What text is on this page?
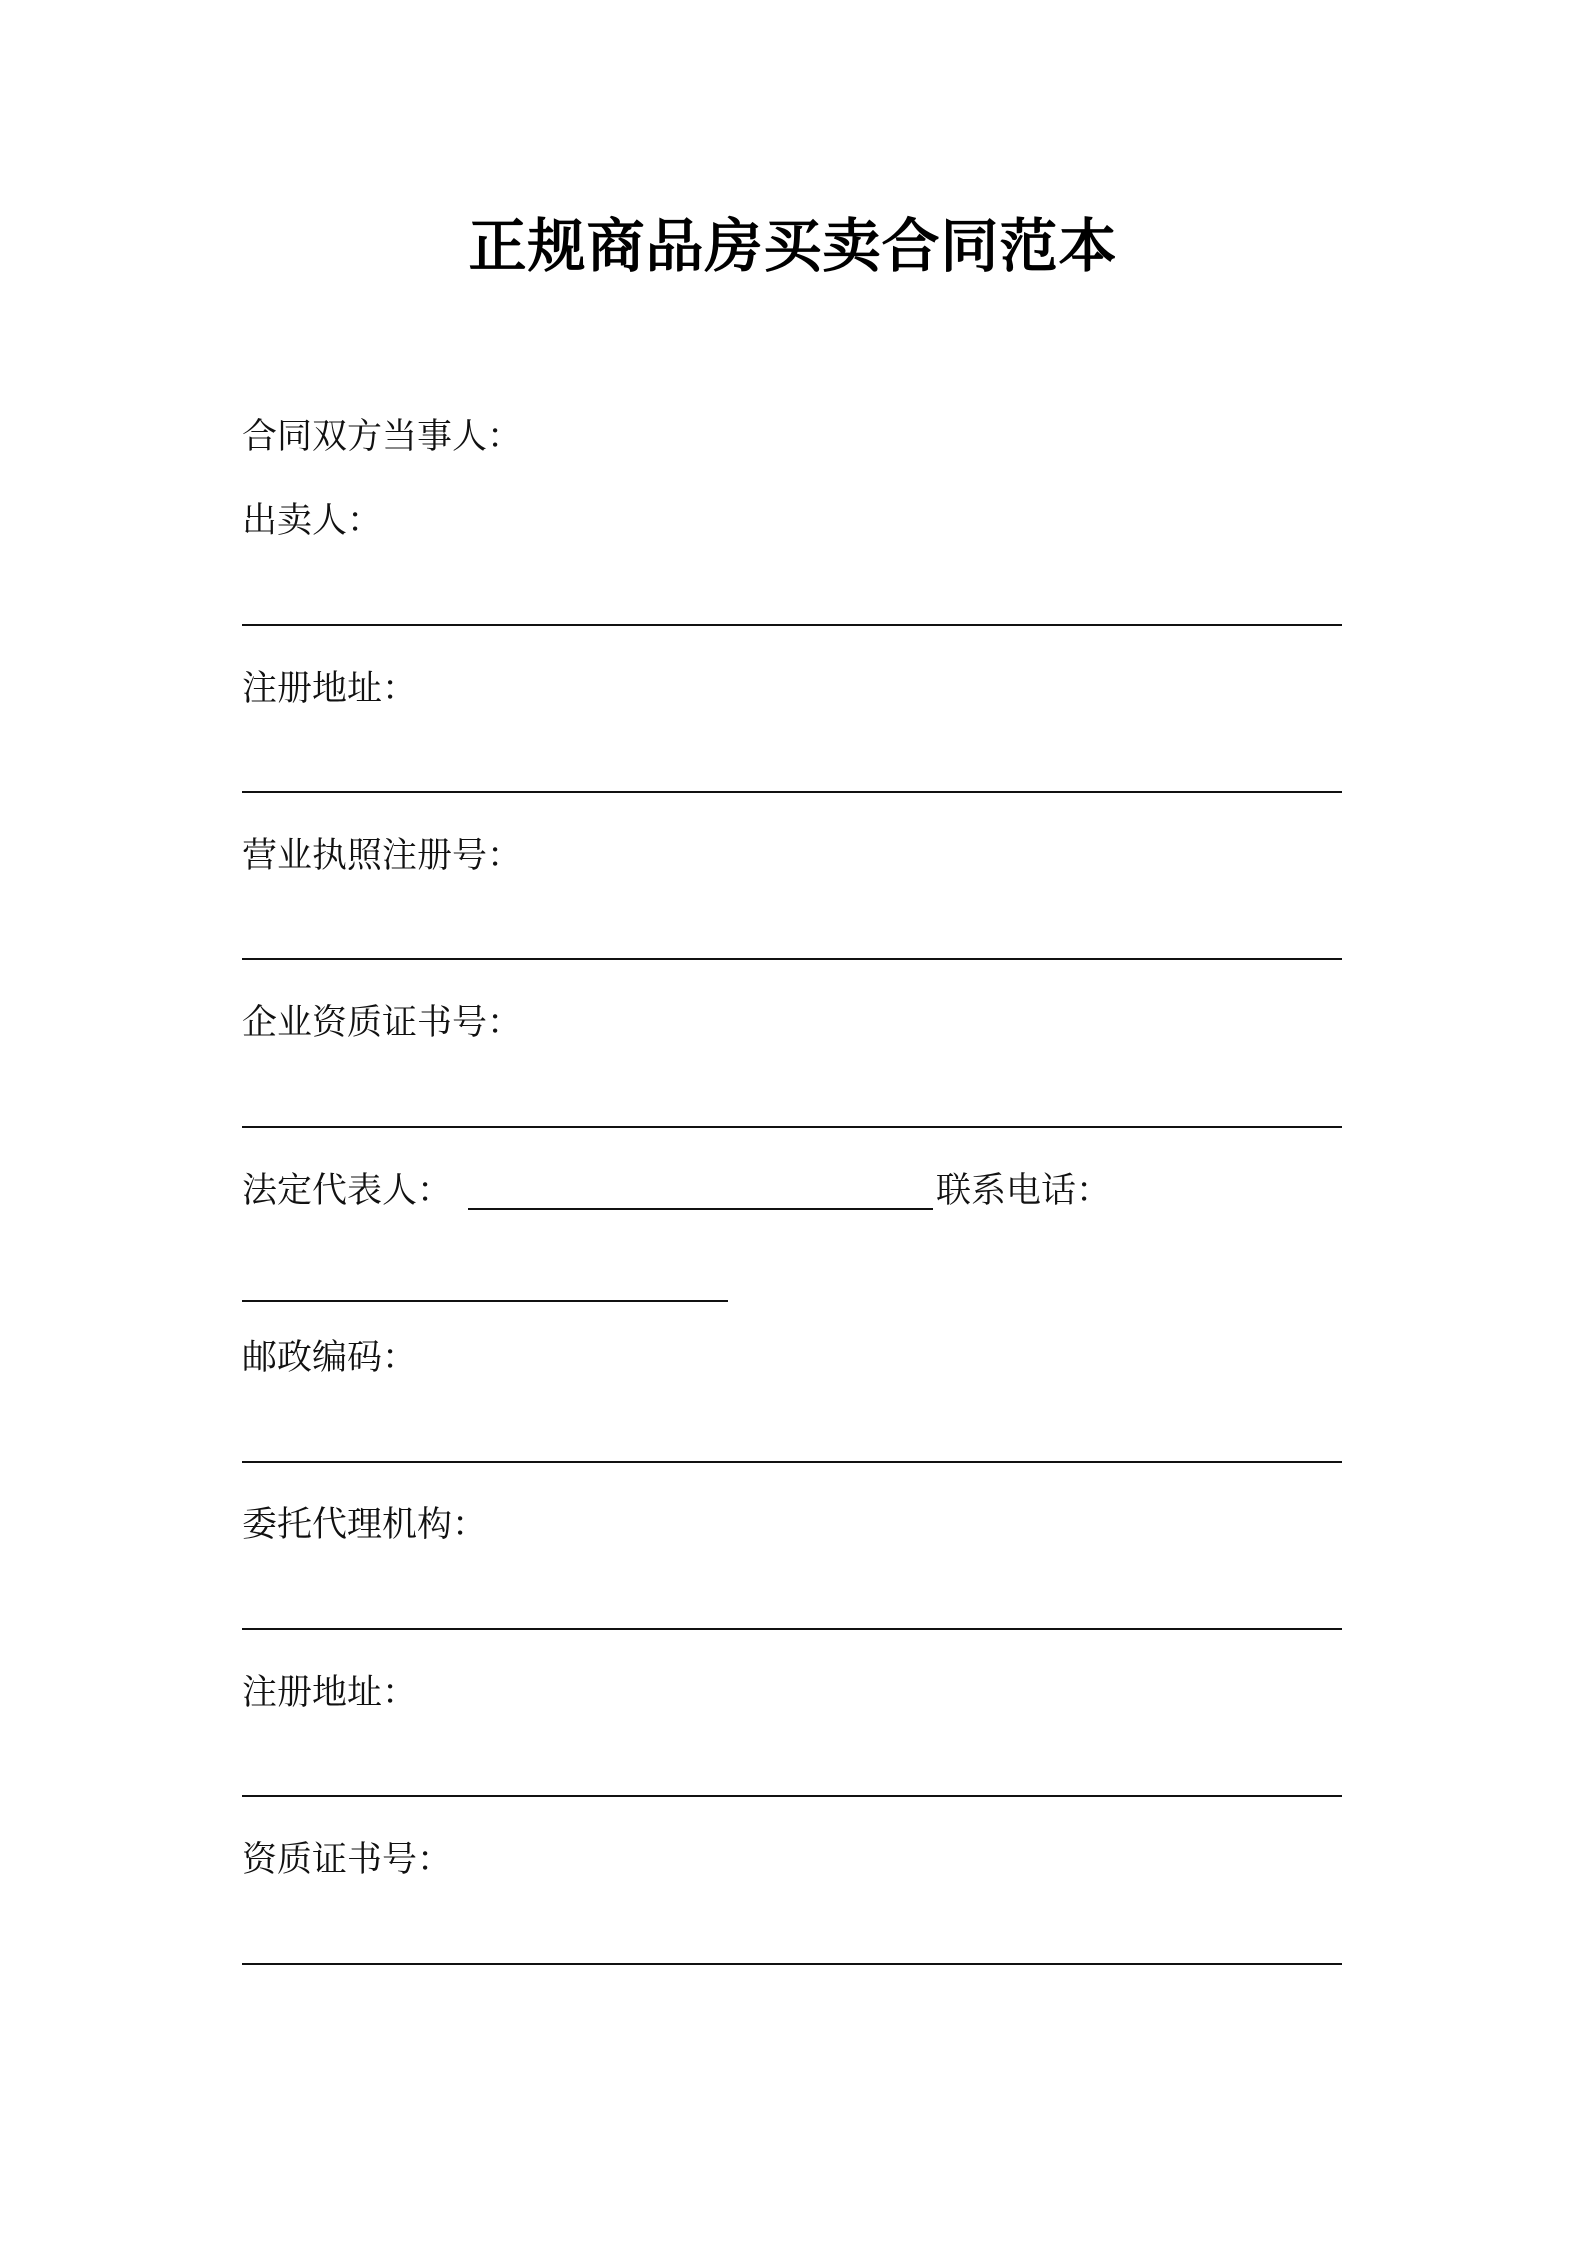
正规商品房买卖合同范本
合同双方当事人：
出卖人：
注册地址：
营业执照注册号：
企业资质证书号：
法定代表人：	联系电话：
邮政编码：
委托代理机构：
注册地址：
资质证书号：
